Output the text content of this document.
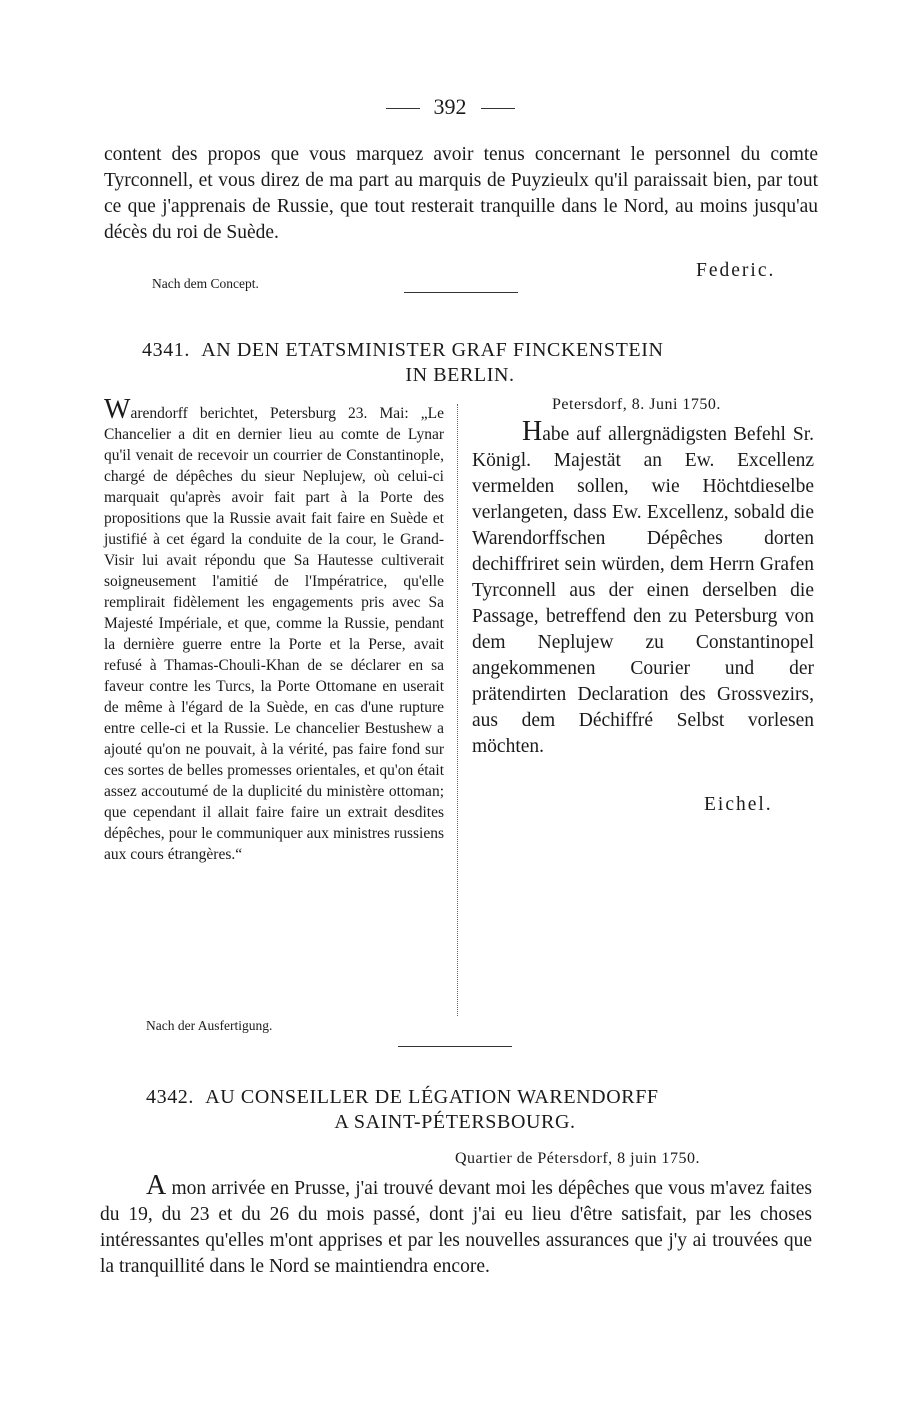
392
content des propos que vous marquez avoir tenus concernant le personnel du comte Tyrconnell, et vous direz de ma part au marquis de Puyzieulx qu'il paraissait bien, par tout ce que j'apprenais de Russie, que tout resterait tranquille dans le Nord, au moins jusqu'au décès du roi de Suède.
Federic.
Nach dem Concept.
4341. AN DEN ETATSMINISTER GRAF FINCKENSTEIN
IN BERLIN.
Warendorff berichtet, Petersburg 23. Mai: „Le Chancelier a dit en dernier lieu au comte de Lynar qu'il venait de recevoir un courrier de Constantinople, chargé de dépêches du sieur Neplujew, où celui-ci marquait qu'après avoir fait part à la Porte des propositions que la Russie avait fait faire en Suède et justifié à cet égard la conduite de la cour, le Grand-Visir lui avait répondu que Sa Hautesse cultiverait soigneusement l'amitié de l'Impératrice, qu'elle remplirait fidèlement les engagements pris avec Sa Majesté Impériale, et que, comme la Russie, pendant la dernière guerre entre la Porte et la Perse, avait refusé à Thamas-Chouli-Khan de se déclarer en sa faveur contre les Turcs, la Porte Ottomane en userait de même à l'égard de la Suède, en cas d'une rupture entre celle-ci et la Russie. Le chancelier Bestushew a ajouté qu'on ne pouvait, à la vérité, pas faire fond sur ces sortes de belles promesses orientales, et qu'on était assez accoutumé de la duplicité du ministère ottoman; que cependant il allait faire faire un extrait desdites dépêches, pour le communiquer aux ministres russiens aux cours étrangères.“
Nach der Ausfertigung.
Petersdorf, 8. Juni 1750.
Habe auf allergnädigsten Befehl Sr. Königl. Majestät an Ew. Excellenz vermelden sollen, wie Höchtdieselbe verlangeten, dass Ew. Excellenz, sobald die Warendorffschen Dépêches dorten dechiffriret sein würden, dem Herrn Grafen Tyrconnell aus der einen derselben die Passage, betreffend den zu Petersburg von dem Neplujew zu Constantinopel angekommenen Courier und der prätendirten Declaration des Grossvezirs, aus dem Déchiffré Selbst vorlesen möchten.
Eichel.
4342. AU CONSEILLER DE LÉGATION WARENDORFF
A SAINT-PÉTERSBOURG.
Quartier de Pétersdorf, 8 juin 1750.
A mon arrivée en Prusse, j'ai trouvé devant moi les dépêches que vous m'avez faites du 19, du 23 et du 26 du mois passé, dont j'ai eu lieu d'être satisfait, par les choses intéressantes qu'elles m'ont apprises et par les nouvelles assurances que j'y ai trouvées que la tranquillité dans le Nord se maintiendra encore.
